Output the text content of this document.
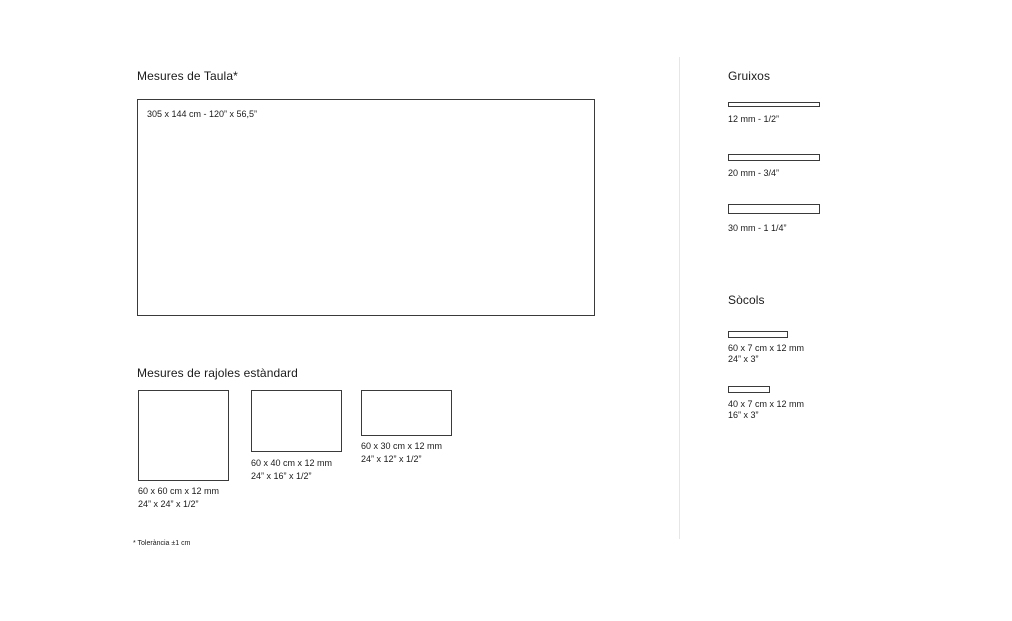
Mesures de Taula*
305 x 144 cm - 120” x 56,5”
Mesures de rajoles estàndard
60 x 60 cm x 12 mm
24” x 24” x 1/2”
60 x 40 cm x 12 mm
24” x 16” x 1/2”
60 x 30 cm x 12 mm
24” x 12” x 1/2”
* Tolerància ±1 cm
Gruixos
12 mm - 1/2”
20 mm - 3/4”
30 mm - 1 1/4”
Sòcols
60 x 7 cm x 12 mm
24” x 3”
40 x 7 cm x 12 mm
16” x 3”
